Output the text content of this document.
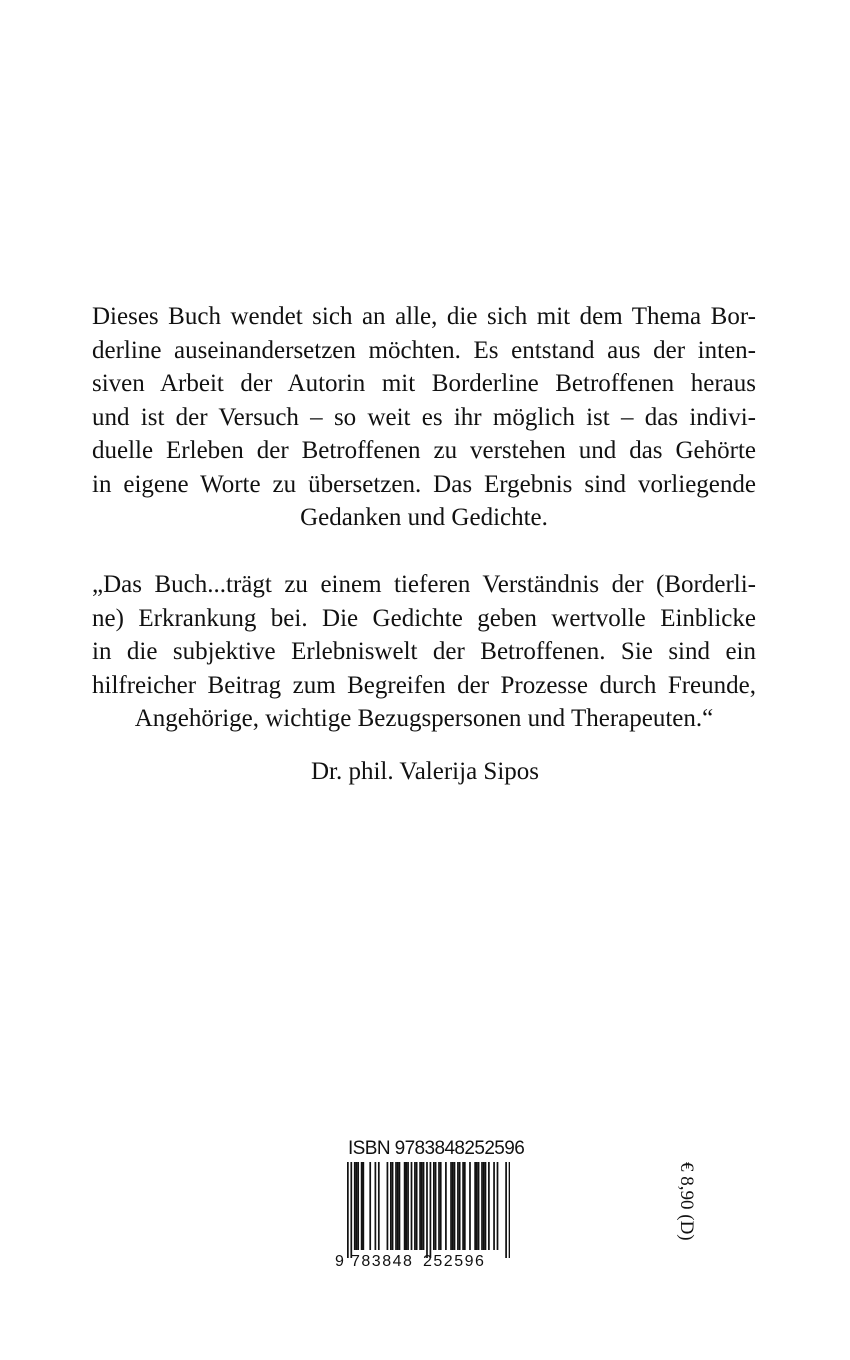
Dieses Buch wendet sich an alle, die sich mit dem Thema Bor-
derline auseinandersetzen möchten. Es entstand aus der inten-
siven Arbeit der Autorin mit Borderline Betroffenen heraus
und ist der Versuch – so weit es ihr möglich ist – das indivi-
duelle Erleben der Betroffenen zu verstehen und das Gehörte
in eigene Worte zu übersetzen. Das Ergebnis sind vorliegende
Gedanken und Gedichte.
„Das Buch...trägt zu einem tieferen Verständnis der (Borderli-
ne) Erkrankung bei. Die Gedichte geben wertvolle Einblicke
in die subjektive Erlebniswelt der Betroffenen. Sie sind ein
hilfreicher Beitrag zum Begreifen der Prozesse durch Freunde,
Angehörige, wichtige Bezugspersonen und Therapeuten.“
Dr. phil. Valerija Sipos
ISBN 9783848252596
9 783848 252596
€ 8,90 (D)
